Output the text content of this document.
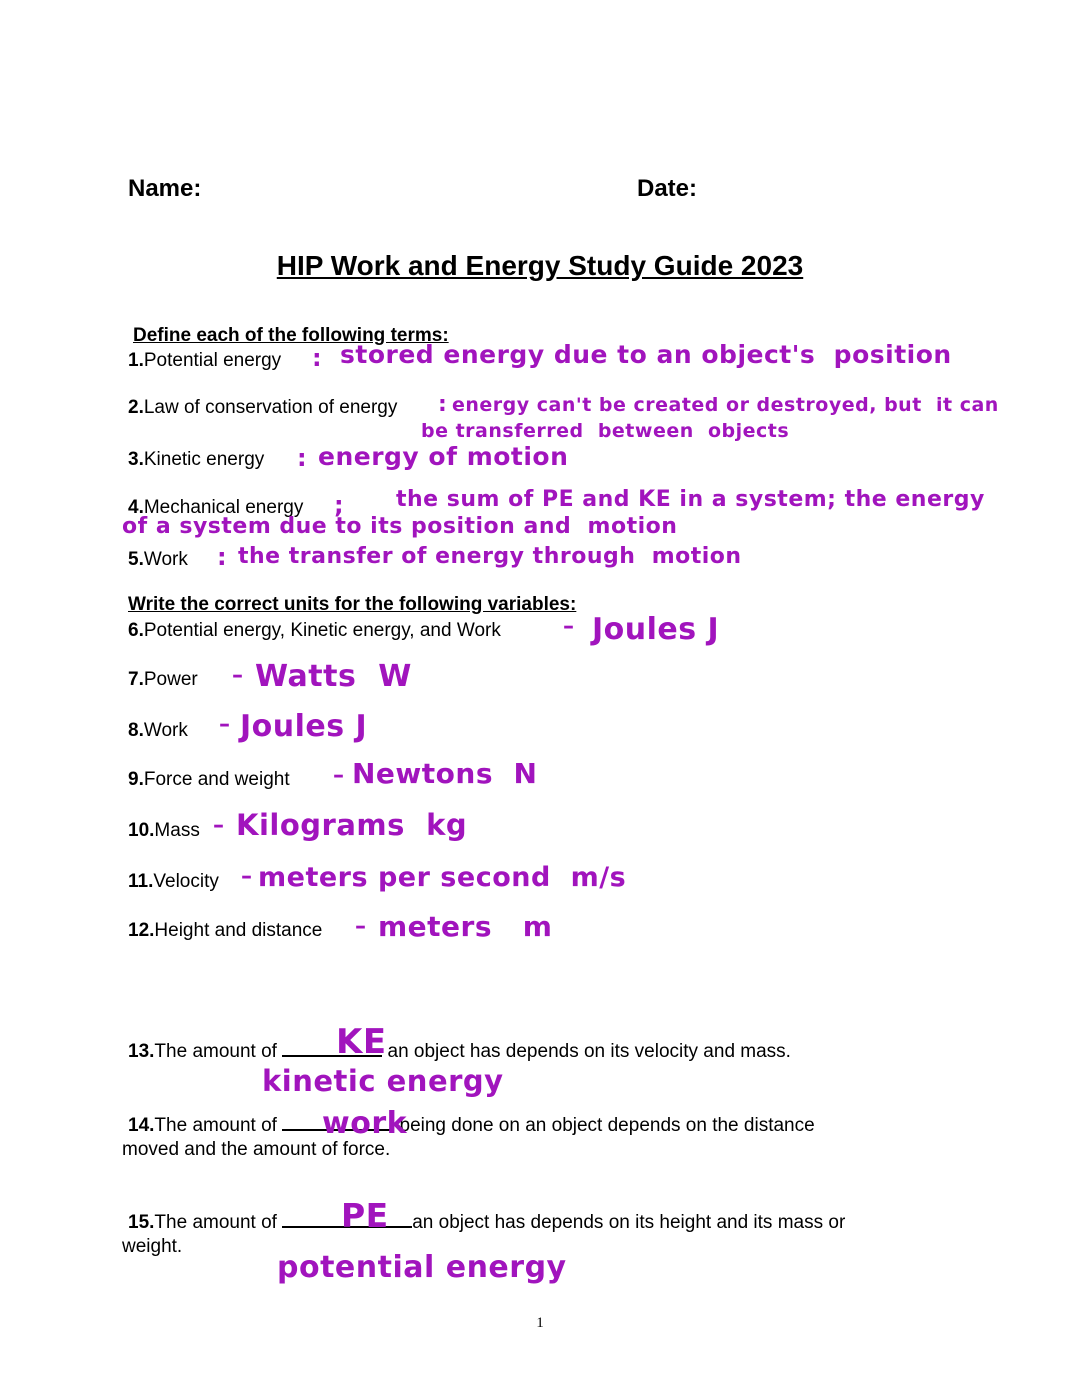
Name:	Date:
HIP Work and Energy Study Guide 2023
Define each of the following terms:
1.Potential energy : stored energy due to an object's  position
2.Law of conservation of energy : energy can't be created or destroyed, but  it can
be transferred  between  objects
3.Kinetic energy : energy of motion
4.Mechanical energy ; the sum of PE and KE in a system; the energy
of a system due to its position and  motion
5.Work : the transfer of energy through  motion
Write the correct units for the following variables:
6.Potential energy, Kinetic energy, and Work	– Joules J
7.Power – Watts  W
8.Work – Joules J
9.Force and weight – Newtons  N
10.Mass – Kilograms  kg
11.Velocity – meters per second  m/s
12.Height and distance – meters   m
13.The amount of	an object has depends on its velocity and mass.
KE
kinetic energy
14.The amount of	being done on an object depends on the distance
moved and the amount of force.
work
15.The amount of	an object has depends on its height and its mass or
weight.
PE
potential energy
1
